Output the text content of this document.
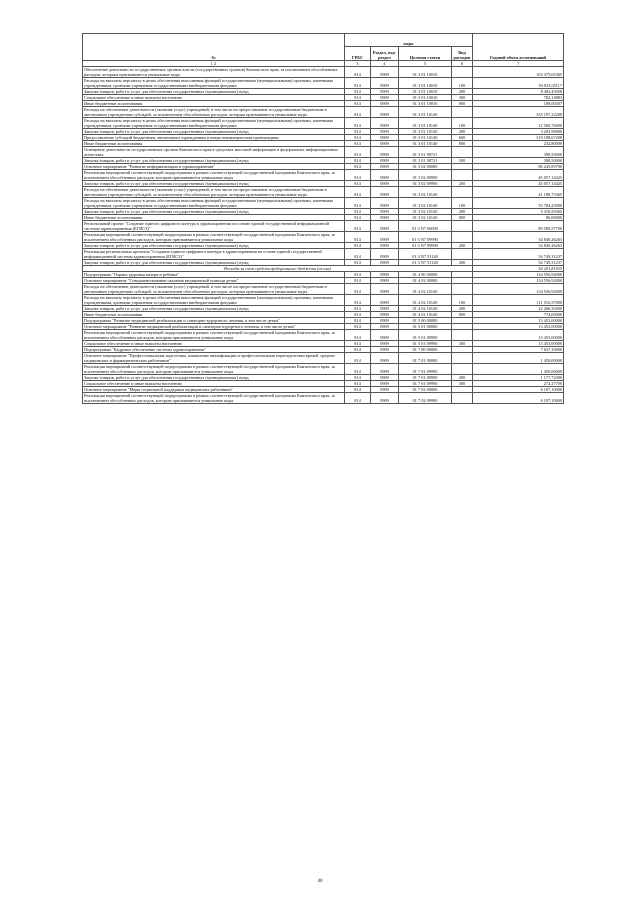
№	коды				Годовой объем ассигнований
	ГРБС	Раздел, под-раздел	Целевая статья	Вид расходов	
1 2	3	4	5	6	7
Обеспечение деятельности государственных органов власти (государственных органов) Камчатского края, за исключением обособленных расходов, которым присваиваются уникальные коды	814	0909	01 3 01 10010		102 375,65365
Расходы на выплаты персоналу в целях обеспечения выполнения функций государственными (муниципальными) органами, казенными учреждениями, органами управления государственными внебюджетными фондами	814	0909	01 3 01 10010	100	93 923,05117
Закупка товаров, работ и услуг для обеспечения государственных (муниципальных) нужд	814	0909	01 3 01 10010	200	8 482,45058
Социальное обеспечение и иные выплаты населению	814	0909	01 3 01 10010	300	782,14883
Иные бюджетные ассигнования	814	0909	01 3 01 10010	800	188,00307
Расходы на обеспечение деятельности (оказание услуг) учреждений, в том числе на предоставление государственным бюджетным и автономным учреждениям субсидий, за исключением обособленных расходов, которым присваиваются уникальные коды	814	0909	01 3 01 10140		335 197,22208
Расходы на выплаты персоналу в целях обеспечения выполнения функций государственными (муниципальными) органами, казенными учреждениями, органами управления государственными внебюджетными фондами	814	0909	01 3 01 10140	100	12 569,76000
Закупка товаров, работ и услуг для обеспечения государственных (муниципальных) нужд	814	0909	01 3 01 10140	200	3 203,99000
Предоставление субсидий бюджетным, автономным учреждениям и иным некоммерческим организациям	814	0909	01 3 01 10140	600	319 188,67208
Иные бюджетные ассигнования	814	0909	01 3 01 10140	800	232,80000
Освещение деятельности государственных органов Камчатского края в средствах массовой информации и федеральных информационных агентствах	814	0909	01 3 01 98721		398,50000
Закупка товаров, работ и услуг для обеспечения государственных (муниципальных) нужд	814	0909	01 3 01 98721	200	398,50000
Основное мероприятие "Развитие информатизации в здравоохранении"	814	0909	01 3 02 00000		86 245,89790
Реализация мероприятий соответствующей подпрограммы в рамках соответствующей государственной программы Камчатского края, за исключением обособленных расходов, которым присваиваются уникальные коды	814	0909	01 3 02 09990		45 057,14425
Закупка товаров, работ и услуг для обеспечения государственных (муниципальных) нужд	814	0909	01 3 02 09990	200	45 057,14425
Расходы на обеспечение деятельности (оказание услуг) учреждений, в том числе на предоставление государственным бюджетным и автономным учреждениям субсидий, за исключением обособленных расходов, которым присваиваются уникальные коды	814	0909	01 3 02 10140		41 188,75365
Расходы на выплаты персоналу в целях обеспечения выполнения функций государственными (муниципальными) органами, казенными учреждениями, органами управления государственными внебюджетными фондами	814	0909	01 3 02 10140	100	35 784,25000
Закупка товаров, работ и услуг для обеспечения государственных (муниципальных) нужд	814	0909	01 3 02 10140	200	5 318,50365
Иные бюджетные ассигнования	814	0909	01 3 02 10140	800	86,00000
Региональный проект "Создание единого цифрового контура в здравоохранении на основе единой государственной информационной системы здравоохранения (ЕГИСЗ)"	814	0909	01 3 N7 00000		89 589,57700
Реализация мероприятий соответствующей подпрограммы в рамках соответствующей государственной программы Камчатского края, за исключением обособленных расходов, которым присваиваются уникальные коды	814	0909	01 3 N7 09990		34 840,26263
Закупка товаров, работ и услуг для обеспечения государственных (муниципальных) нужд	814	0909	01 3 N7 09990	200	34 840,26263
Реализация региональных проектов "Создание единого цифрового контура в здравоохранении на основе единой государственной информационной системы здравоохранения (ЕГИСЗ)"	814	0909	01 3 N7 51140		54 749,31237
Закупка товаров, работ и услуг для обеспечения государственных (муниципальных) нужд	814	0909	01 3 N7 51140	200	54 749,31237
Расходы за счет средств федерального бюджета (из них)					54 201,81925
Подпрограмма "Охрана здоровья матери и ребенка"	814	0909	01 4 00 00000		134 556,92000
Основное мероприятие "Совершенствование оказания медицинской помощи детям"	814	0909	01 4 02 00000		134 556,92000
Расходы на обеспечение деятельности (оказание услуг) учреждений, в том числе на предоставление государственным бюджетным и автономным учреждениям субсидий, за исключением обособленных расходов, которым присваиваются уникальные коды	814	0909	01 4 02 10140		134 556,92000
Расходы на выплаты персоналу в целях обеспечения выполнения функций государственными (муниципальными) органами, казенными учреждениями, органами управления государственными внебюджетными фондами	814	0909	01 4 02 10140	100	111 516,57000
Закупка товаров, работ и услуг для обеспечения государственных (муниципальных) нужд	814	0909	01 4 02 10140	200	22 266,35000
Иные бюджетные ассигнования	814	0909	01 4 02 10140	800	774,00000
Подпрограмма "Развитие медицинской реабилитации и санаторно-курортного лечения, в том числе детям"	814	0909	01 5 00 00000		13 453,00000
Основное мероприятие "Развитие медицинской реабилитации и санаторно-курортного лечения, в том числе детям"	814	0909	01 5 01 00000		13 453,00000
Реализация мероприятий соответствующей подпрограммы в рамках соответствующей государственной программы Камчатского края, за исключением обособленных расходов, которым присваиваются уникальные коды	814	0909	01 5 01 09990		13 453,00000
Социальное обеспечение и иные выплаты населению	814	0909	01 5 01 09990	300	13 453,00000
Подпрограмма "Кадровое обеспечение системы здравоохранения"	814	0909	01 7 00 00000		7 637,10000
Основное мероприятие "Профессиональная подготовка, повышение квалификации и профессиональная переподготовка врачей, средних медицинских и фармацевтических работников"	814	0909	01 7 01 00000		1 450,00000
Реализация мероприятий соответствующей подпрограммы в рамках соответствующей государственной программы Камчатского края, за исключением обособленных расходов, которым присваиваются уникальные коды	814	0909	01 7 01 09990		1 450,00000
Закупка товаров, работ и услуг для обеспечения государственных (муниципальных) нужд	814	0909	01 7 01 09990	200	1 177,72300
Социальное обеспечение и иные выплаты населению	814	0909	01 7 01 09990	300	272,27700
Основное мероприятие "Меры социальной поддержки медицинских работников"	814	0909	01 7 02 00000		6 187,10000
Реализация мероприятий соответствующей подпрограммы в рамках соответствующей государственной программы Камчатского края, за исключением обособленных расходов, которым присваиваются уникальные коды	814	0909	01 7 02 09990		6 187,10000
40
